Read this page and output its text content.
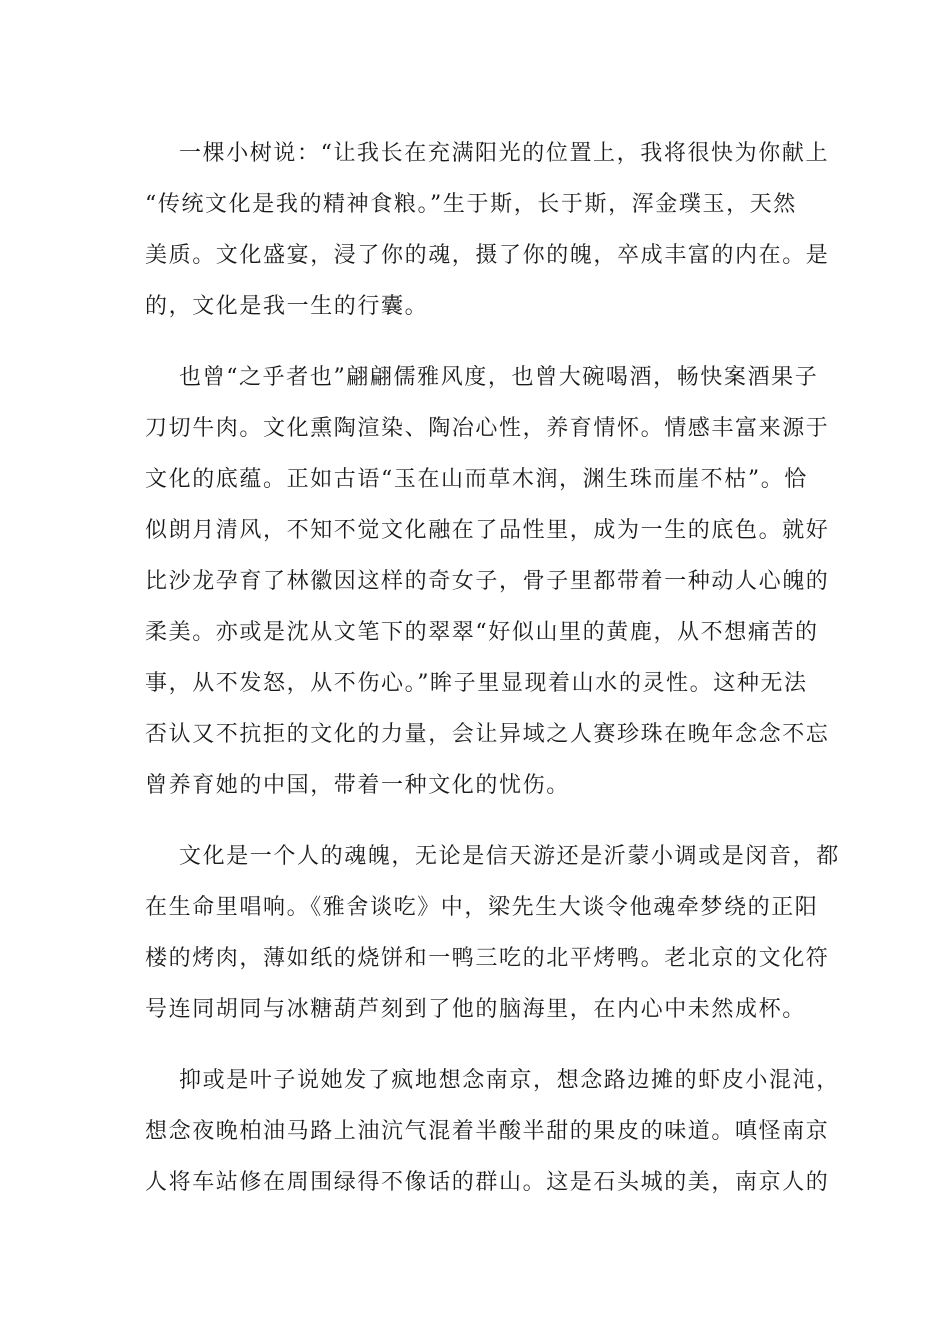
一棵小树说：“让我长在充满阳光的位置上，我将很快为你献上
“传统文化是我的精神食粮。”生于斯，长于斯，浑金璞玉，天然
美质。文化盛宴，浸了你的魂，摄了你的魄，卒成丰富的内在。是
的，文化是我一生的行囊。

也曾“之乎者也”翩翩儒雅风度，也曾大碗喝酒，畅快案酒果子
刀切牛肉。文化熏陶渲染、陶冶心性，养育情怀。情感丰富来源于
文化的底蕴。正如古语“玉在山而草木润，渊生珠而崖不枯”。恰
似朗月清风，不知不觉文化融在了品性里，成为一生的底色。就好
比沙龙孕育了林徽因这样的奇女子，骨子里都带着一种动人心魄的
柔美。亦或是沈从文笔下的翠翠“好似山里的黄鹿，从不想痛苦的
事，从不发怒，从不伤心。”眸子里显现着山水的灵性。这种无法
否认又不抗拒的文化的力量，会让异域之人赛珍珠在晚年念念不忘
曾养育她的中国，带着一种文化的忧伤。

文化是一个人的魂魄，无论是信天游还是沂蒙小调或是闵音，都
在生命里唱响。《雅舍谈吃》中，梁先生大谈令他魂牵梦绕的正阳
楼的烤肉，薄如纸的烧饼和一鸭三吃的北平烤鸭。老北京的文化符
号连同胡同与冰糖葫芦刻到了他的脑海里，在内心中未然成杯。

抑或是叶子说她发了疯地想念南京，想念路边摊的虾皮小混沌，
想念夜晚柏油马路上油沆气混着半酸半甜的果皮的味道。嗔怪南京
人将车站修在周围绿得不像话的群山。这是石头城的美，南京人的
